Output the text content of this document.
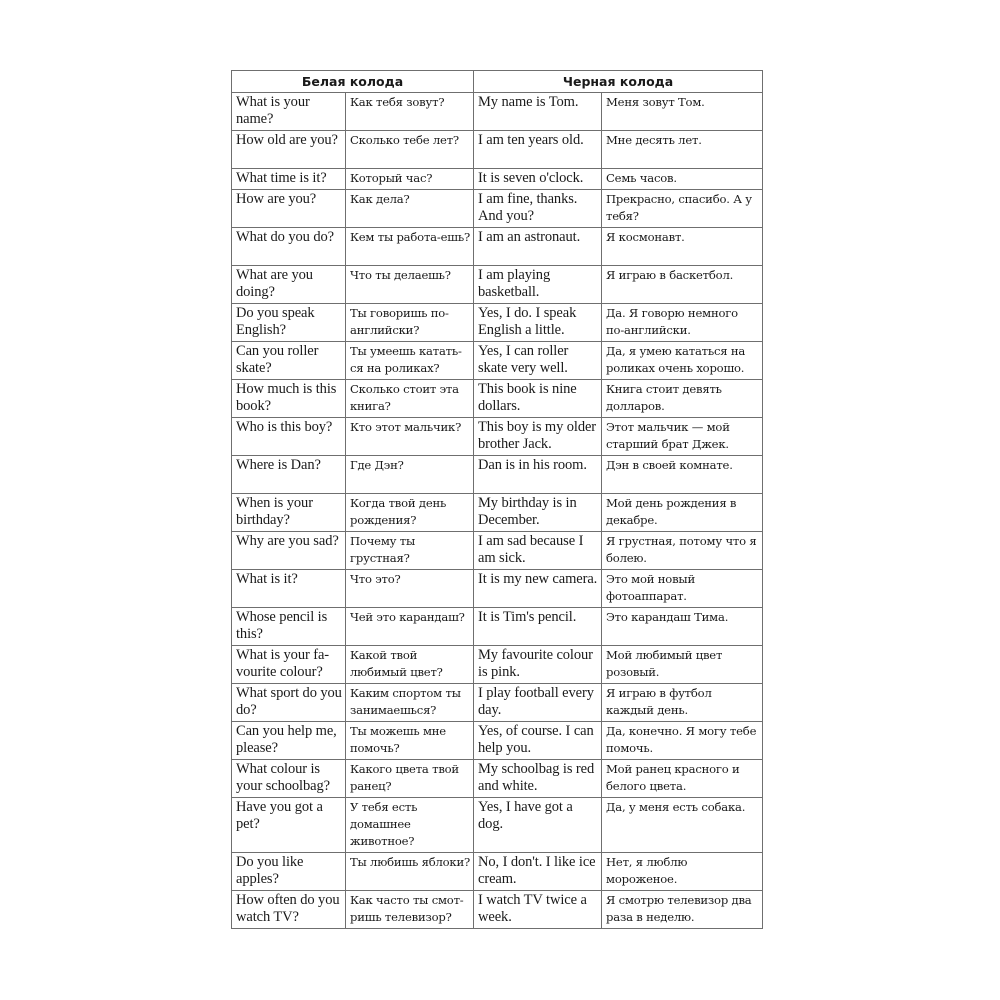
Белая колода		Черная колода	
What is your name?	Как тебя зовут?	My name is Tom.	Меня зовут Том.
How old are you?	Сколько тебе лет?	I am ten years old.	Мне десять лет.
What time is it?	Который час?	It is seven o'clock.	Семь часов.
How are you?	Как дела?	I am fine, thanks. And you?	Прекрасно, спасибо. А у тебя?
What do you do?	Кем ты работа-ешь?	I am an astronaut.	Я космонавт.
What are you doing?	Что ты делаешь?	I am playing basketball.	Я играю в баскетбол.
Do you speak English?	Ты говоришь по-английски?	Yes, I do. I speak English a little.	Да. Я говорю немного по-английски.
Can you roller skate?	Ты умеешь катать-ся на роликах?	Yes, I can roller skate very well.	Да, я умею кататься на роликах очень хорошо.
How much is this book?	Сколько стоит эта книга?	This book is nine dollars.	Книга стоит девять долларов.
Who is this boy?	Кто этот мальчик?	This boy is my older brother Jack.	Этот мальчик — мой старший брат Джек.
Where is Dan?	Где Дэн?	Dan is in his room.	Дэн в своей комнате.
When is your birthday?	Когда твой день рождения?	My birthday is in December.	Мой день рождения в декабре.
Why are you sad?	Почему ты грустная?	I am sad because I am sick.	Я грустная, потому что я болею.
What is it?	Что это?	It is my new camera.	Это мой новый фотоаппарат.
Whose pencil is this?	Чей это карандаш?	It is Tim's pencil.	Это карандаш Тима.
What is your fa-vourite colour?	Какой твой любимый цвет?	My favourite colour is pink.	Мой любимый цвет розовый.
What sport do you do?	Каким спортом ты занимаешься?	I play football every day.	Я играю в футбол каждый день.
Can you help me, please?	Ты можешь мне помочь?	Yes, of course. I can help you.	Да, конечно. Я могу тебе помочь.
What colour is your schoolbag?	Какого цвета твой ранец?	My schoolbag is red and white.	Мой ранец красного и белого цвета.
Have you got a pet?	У тебя есть домашнее животное?	Yes, I have got a dog.	Да, у меня есть собака.
Do you like apples?	Ты любишь яблоки?	No, I don't. I like ice cream.	Нет, я люблю мороженое.
How often do you watch TV?	Как часто ты смот-ришь телевизор?	I watch TV twice a week.	Я смотрю телевизор два раза в неделю.
